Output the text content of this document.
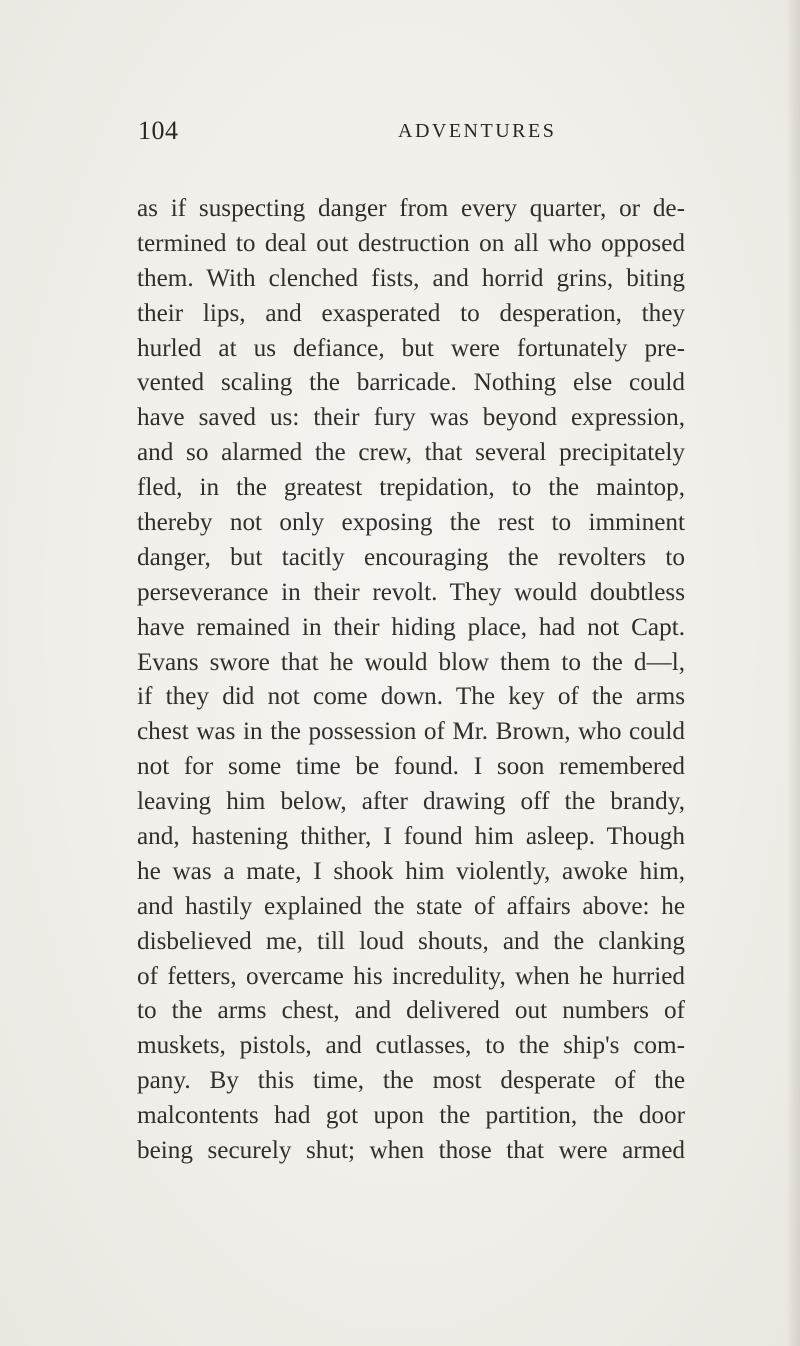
104	ADVENTURES

as if suspecting danger from every quarter, or de-
termined to deal out destruction on all who opposed
them. With clenched fists, and horrid grins, biting
their lips, and exasperated to desperation, they
hurled at us defiance, but were fortunately pre-
vented scaling the barricade. Nothing else could
have saved us: their fury was beyond expression,
and so alarmed the crew, that several precipitately
fled, in the greatest trepidation, to the maintop,
thereby not only exposing the rest to imminent
danger, but tacitly encouraging the revolters to
perseverance in their revolt. They would doubtless
have remained in their hiding place, had not Capt.
Evans swore that he would blow them to the d—l,
if they did not come down. The key of the arms
chest was in the possession of Mr. Brown, who could
not for some time be found. I soon remembered
leaving him below, after drawing off the brandy,
and, hastening thither, I found him asleep. Though
he was a mate, I shook him violently, awoke him,
and hastily explained the state of affairs above: he
disbelieved me, till loud shouts, and the clanking
of fetters, overcame his incredulity, when he hurried
to the arms chest, and delivered out numbers of
muskets, pistols, and cutlasses, to the ship's com-
pany. By this time, the most desperate of the
malcontents had got upon the partition, the door
being securely shut; when those that were armed
